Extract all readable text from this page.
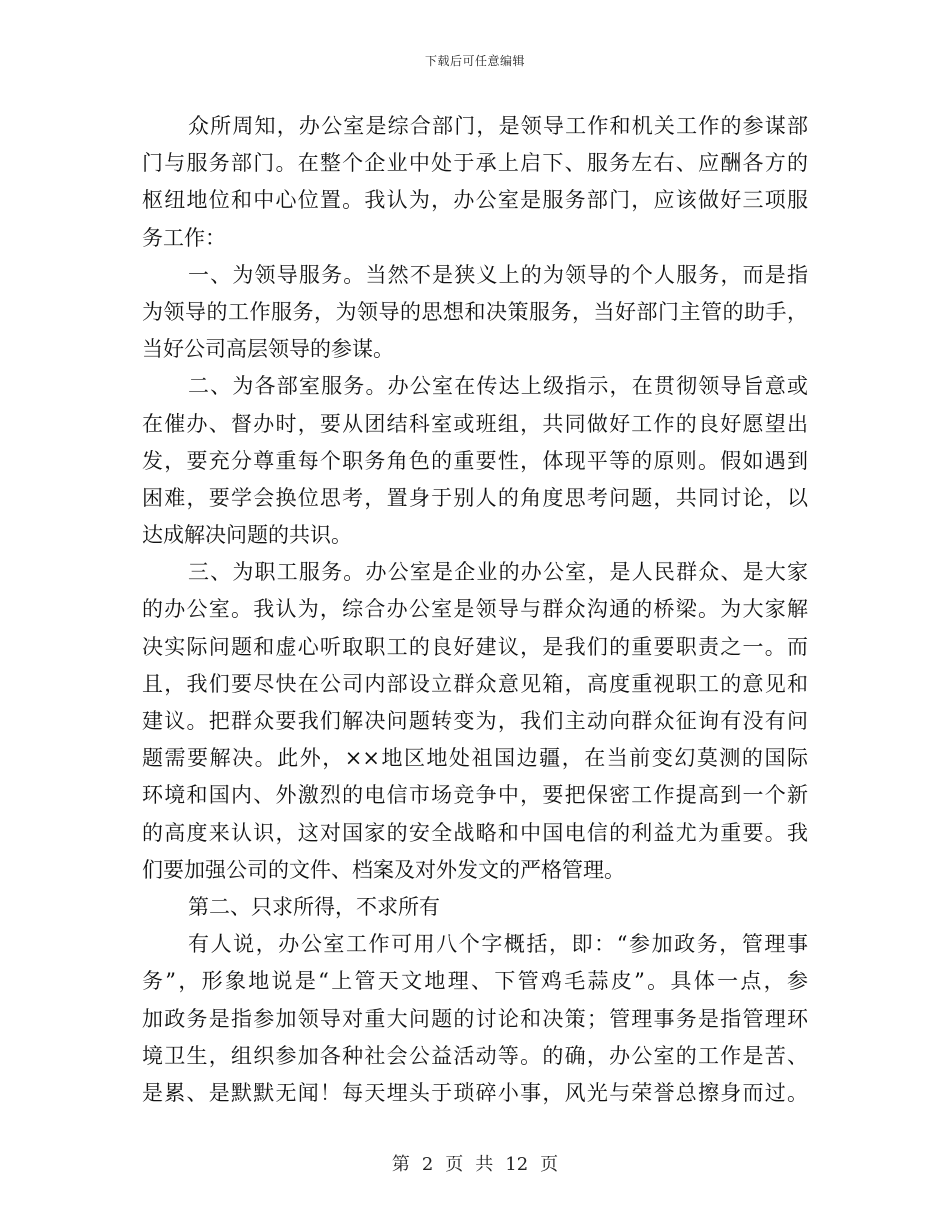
下载后可任意编辑
众所周知，办公室是综合部门，是领导工作和机关工作的参谋部
门与服务部门。在整个企业中处于承上启下、服务左右、应酬各方的
枢纽地位和中心位置。我认为，办公室是服务部门，应该做好三项服
务工作：
一、为领导服务。当然不是狭义上的为领导的个人服务，而是指
为领导的工作服务，为领导的思想和决策服务，当好部门主管的助手，
当好公司高层领导的参谋。
二、为各部室服务。办公室在传达上级指示，在贯彻领导旨意或
在催办、督办时，要从团结科室或班组，共同做好工作的良好愿望出
发，要充分尊重每个职务角色的重要性，体现平等的原则。假如遇到
困难，要学会换位思考，置身于别人的角度思考问题，共同讨论，以
达成解决问题的共识。
三、为职工服务。办公室是企业的办公室，是人民群众、是大家
的办公室。我认为，综合办公室是领导与群众沟通的桥梁。为大家解
决实际问题和虚心听取职工的良好建议，是我们的重要职责之一。而
且，我们要尽快在公司内部设立群众意见箱，高度重视职工的意见和
建议。把群众要我们解决问题转变为，我们主动向群众征询有没有问
题需要解决。此外，××地区地处祖国边疆，在当前变幻莫测的国际
环境和国内、外激烈的电信市场竞争中，要把保密工作提高到一个新
的高度来认识，这对国家的安全战略和中国电信的利益尤为重要。我
们要加强公司的文件、档案及对外发文的严格管理。
第二、只求所得，不求所有
有人说，办公室工作可用八个字概括，即：“参加政务，管理事
务”，形象地说是“上管天文地理、下管鸡毛蒜皮”。具体一点，参
加政务是指参加领导对重大问题的讨论和决策；管理事务是指管理环
境卫生，组织参加各种社会公益活动等。的确，办公室的工作是苦、
是累、是默默无闻！每天埋头于琐碎小事，风光与荣誉总擦身而过。
第 2 页 共 12 页
